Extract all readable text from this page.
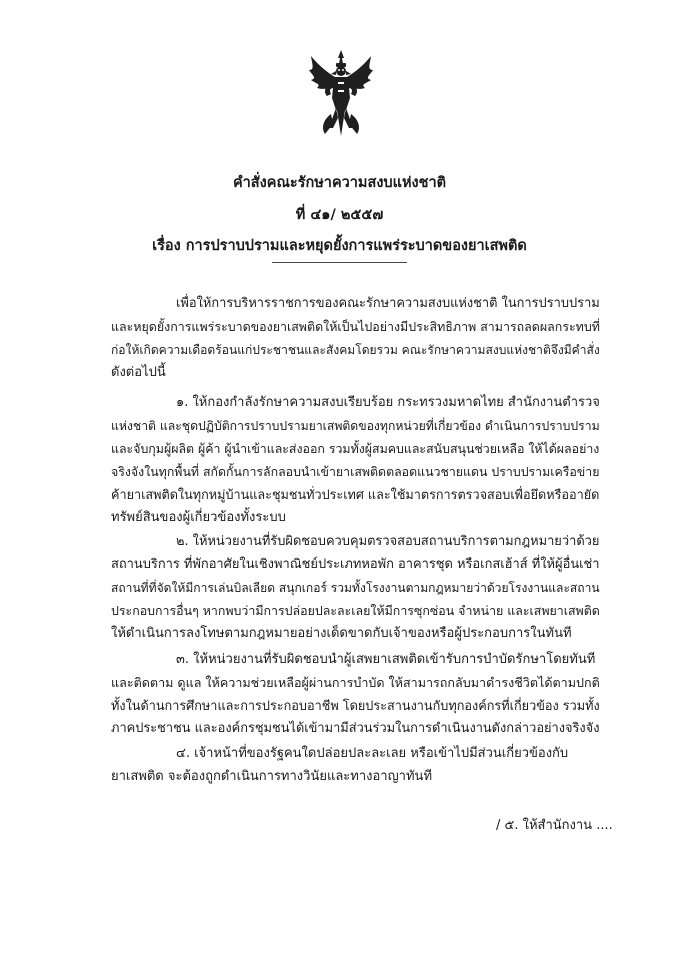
คำสั่งคณะรักษาความสงบแห่งชาติ
ที่ ๔๑/ ๒๕๕๗
เรื่อง การปราบปรามและหยุดยั้งการแพร่ระบาดของยาเสพติด
เพื่อให้การบริหารราชการของคณะรักษาความสงบแห่งชาติ ในการปราบปราม
และหยุดยั้งการแพร่ระบาดของยาเสพติดให้เป็นไปอย่างมีประสิทธิภาพ สามารถลดผลกระทบที่
ก่อให้เกิดความเดือดร้อนแก่ประชาชนและสังคมโดยรวม คณะรักษาความสงบแห่งชาติจึงมีคำสั่ง
ดังต่อไปนี้
๑. ให้กองกำลังรักษาความสงบเรียบร้อย กระทรวงมหาดไทย สำนักงานตำรวจ
แห่งชาติ และชุดปฏิบัติการปราบปรามยาเสพติดของทุกหน่วยที่เกี่ยวข้อง ดำเนินการปราบปราม
และจับกุมผู้ผลิต ผู้ค้า ผู้นำเข้าและส่งออก รวมทั้งผู้สมคบและสนับสนุนช่วยเหลือ ให้ได้ผลอย่าง
จริงจังในทุกพื้นที่ สกัดกั้นการลักลอบนำเข้ายาเสพติดตลอดแนวชายแดน ปราบปรามเครือข่าย
ค้ายาเสพติดในทุกหมู่บ้านและชุมชนทั่วประเทศ และใช้มาตรการตรวจสอบเพื่อยึดหรืออายัด
ทรัพย์สินของผู้เกี่ยวข้องทั้งระบบ
๒. ให้หน่วยงานที่รับผิดชอบควบคุมตรวจสอบสถานบริการตามกฎหมายว่าด้วย
สถานบริการ ที่พักอาศัยในเชิงพาณิชย์ประเภทหอพัก อาคารชุด หรือเกสเฮ้าส์ ที่ให้ผู้อื่นเช่า
สถานที่ที่จัดให้มีการเล่นบิลเลียด สนุกเกอร์ รวมทั้งโรงงานตามกฎหมายว่าด้วยโรงงานและสถาน
ประกอบการอื่นๆ หากพบว่ามีการปล่อยปละละเลยให้มีการซุกซ่อน จำหน่าย และเสพยาเสพติด
ให้ดำเนินการลงโทษตามกฎหมายอย่างเด็ดขาดกับเจ้าของหรือผู้ประกอบการในทันที
๓. ให้หน่วยงานที่รับผิดชอบนำผู้เสพยาเสพติดเข้ารับการบำบัดรักษาโดยทันที
และติดตาม ดูแล ให้ความช่วยเหลือผู้ผ่านการบำบัด ให้สามารถกลับมาดำรงชีวิตได้ตามปกติ
ทั้งในด้านการศึกษาและการประกอบอาชีพ โดยประสานงานกับทุกองค์กรที่เกี่ยวข้อง รวมทั้ง
ภาคประชาชน และองค์กรชุมชนได้เข้ามามีส่วนร่วมในการดำเนินงานดังกล่าวอย่างจริงจัง
๔. เจ้าหน้าที่ของรัฐคนใดปล่อยปละละเลย หรือเข้าไปมีส่วนเกี่ยวข้องกับ
ยาเสพติด จะต้องถูกดำเนินการทางวินัยและทางอาญาทันที
/ ๕. ให้สำนักงาน ....
